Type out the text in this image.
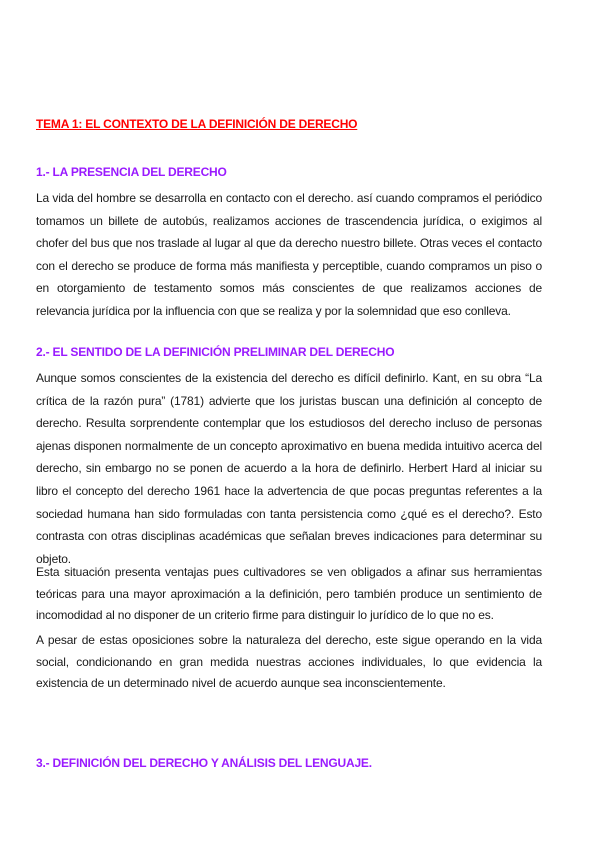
TEMA 1: EL CONTEXTO DE LA DEFINICIÓN DE DERECHO
1.- LA PRESENCIA DEL DERECHO

La vida del hombre se desarrolla en contacto con el derecho. así cuando compramos el periódico tomamos un billete de autobús, realizamos acciones de trascendencia jurídica, o exigimos al chofer del bus que nos traslade al lugar al que da derecho nuestro billete. Otras veces el contacto con el derecho se produce de forma más manifiesta y perceptible, cuando compramos un piso o en otorgamiento de testamento somos más conscientes de que realizamos acciones de relevancia jurídica por la influencia con que se realiza y por la solemnidad que eso conlleva.

2.- EL SENTIDO DE LA DEFINICIÓN PRELIMINAR DEL DERECHO

Aunque somos conscientes de la existencia del derecho es difícil definirlo. Kant, en su obra “La crítica de la razón pura” (1781) advierte que los juristas buscan una definición al concepto de derecho. Resulta sorprendente contemplar que los estudiosos del derecho incluso de personas ajenas disponen normalmente de un concepto aproximativo en buena medida intuitivo acerca del derecho, sin embargo no se ponen de acuerdo a la hora de definirlo. Herbert Hard al iniciar su libro el concepto del derecho 1961 hace la advertencia de que pocas preguntas referentes a la sociedad humana han sido formuladas con tanta persistencia como ¿qué es el derecho?. Esto contrasta con otras disciplinas académicas que señalan breves indicaciones para determinar su objeto.

Esta situación presenta ventajas pues cultivadores se ven obligados a afinar sus herramientas teóricas para una mayor aproximación a la definición, pero también produce un sentimiento de incomodidad al no disponer de un criterio firme para distinguir lo jurídico de lo que no es.

A pesar de estas oposiciones sobre la naturaleza del derecho, este sigue operando en la vida social, condicionando en gran medida nuestras acciones individuales, lo que evidencia la existencia de un determinado nivel de acuerdo aunque sea inconscientemente.

3.- DEFINICIÓN DEL DERECHO Y ANÁLISIS DEL LENGUAJE.
